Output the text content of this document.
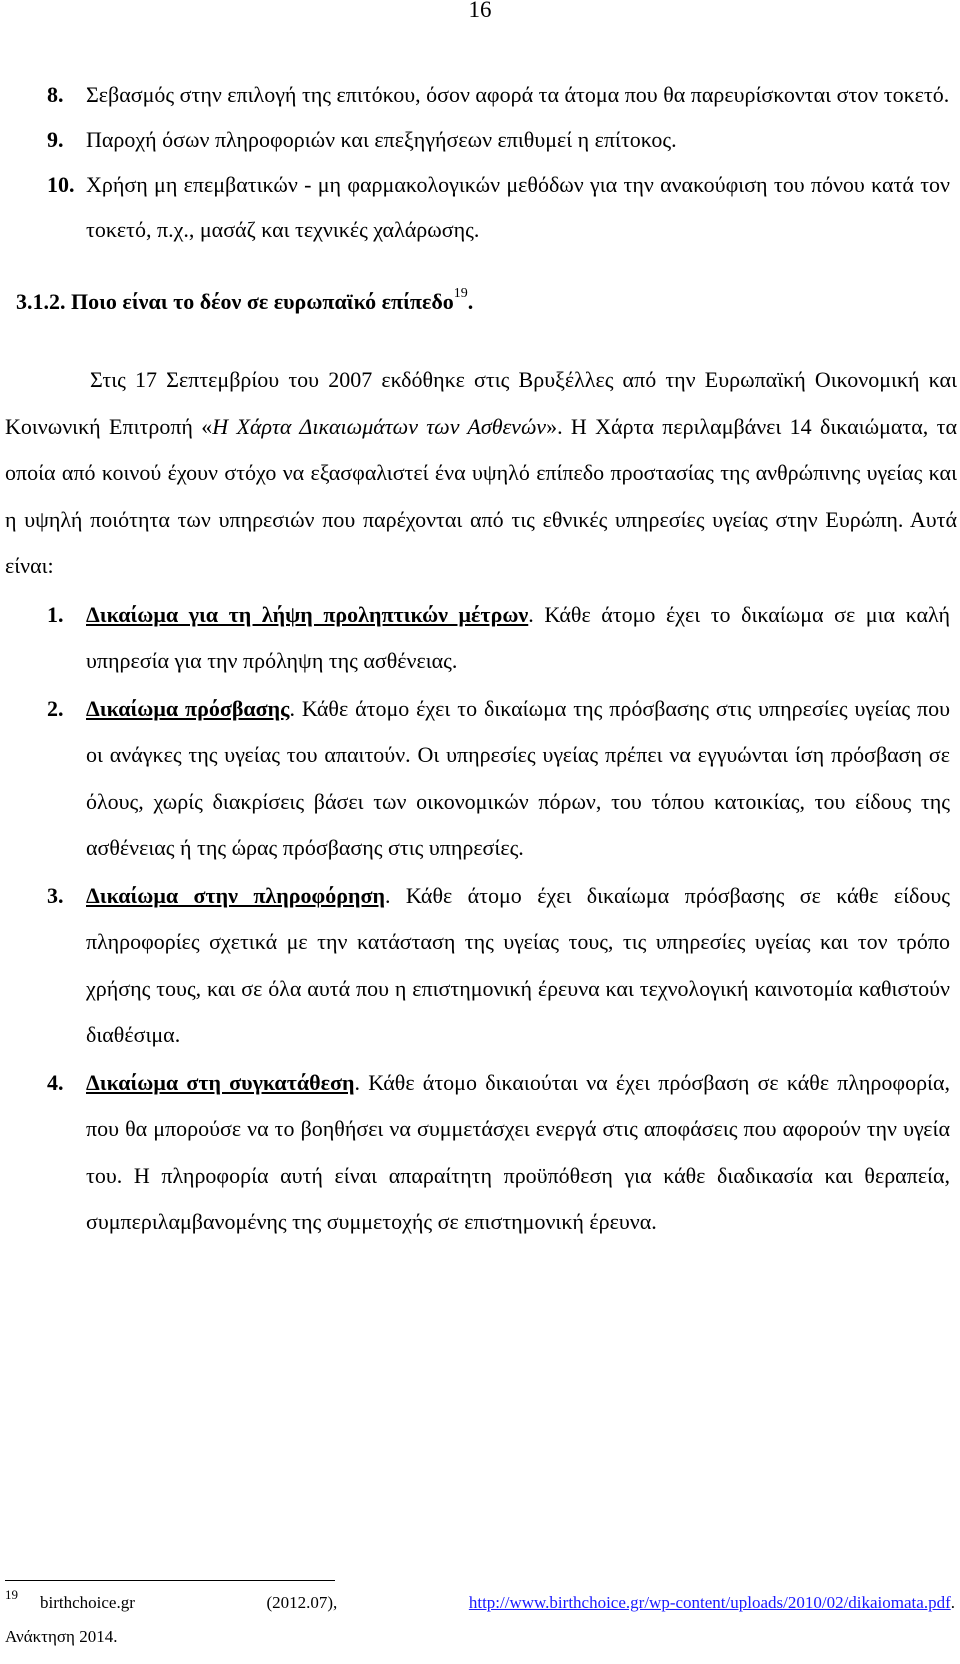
16
8. Σεβασμός στην επιλογή της επιτόκου, όσον αφορά τα άτομα που θα παρευρίσκονται στον τοκετό.
9. Παροχή όσων πληροφοριών και επεξηγήσεων επιθυμεί η επίτοκος.
10. Χρήση μη επεμβατικών - μη φαρμακολογικών μεθόδων για την ανακούφιση του πόνου κατά τον τοκετό, π.χ., μασάζ και τεχνικές χαλάρωσης.
3.1.2. Ποιο είναι το δέον σε ευρωπαϊκό επίπεδο$^{19}$.
Στις 17 Σεπτεμβρίου του 2007 εκδόθηκε στις Βρυξέλλες από την Ευρωπαϊκή Οικονομική και Κοινωνική Επιτροπή «Η Χάρτα Δικαιωμάτων των Ασθενών». Η Χάρτα περιλαμβάνει 14 δικαιώματα, τα οποία από κοινού έχουν στόχο να εξασφαλιστεί ένα υψηλό επίπεδο προστασίας της ανθρώπινης υγείας και η υψηλή ποιότητα των υπηρεσιών που παρέχονται από τις εθνικές υπηρεσίες υγείας στην Ευρώπη. Αυτά είναι:
1. Δικαίωμα για τη λήψη προληπτικών μέτρων. Κάθε άτομο έχει το δικαίωμα σε μια καλή υπηρεσία για την πρόληψη της ασθένειας.
2. Δικαίωμα πρόσβασης. Κάθε άτομο έχει το δικαίωμα της πρόσβασης στις υπηρεσίες υγείας που οι ανάγκες της υγείας του απαιτούν. Οι υπηρεσίες υγείας πρέπει να εγγυώνται ίση πρόσβαση σε όλους, χωρίς διακρίσεις βάσει των οικονομικών πόρων, του τόπου κατοικίας, του είδους της ασθένειας ή της ώρας πρόσβασης στις υπηρεσίες.
3. Δικαίωμα στην πληροφόρηση. Κάθε άτομο έχει δικαίωμα πρόσβασης σε κάθε είδους πληροφορίες σχετικά με την κατάσταση της υγείας τους, τις υπηρεσίες υγείας και τον τρόπο χρήσης τους, και σε όλα αυτά που η επιστημονική έρευνα και τεχνολογική καινοτομία καθιστούν διαθέσιμα.
4. Δικαίωμα στη συγκατάθεση. Κάθε άτομο δικαιούται να έχει πρόσβαση σε κάθε πληροφορία, που θα μπορούσε να το βοηθήσει να συμμετάσχει ενεργά στις αποφάσεις που αφορούν την υγεία του. Η πληροφορία αυτή είναι απαραίτητη προϋπόθεση για κάθε διαδικασία και θεραπεία, συμπεριλαμβανομένης της συμμετοχής σε επιστημονική έρευνα.
19 birthchoice.gr	(2012.07),	http://www.birthchoice.gr/wp-content/uploads/2010/02/dikaiomata.pdf.
Ανάκτηση 2014.
